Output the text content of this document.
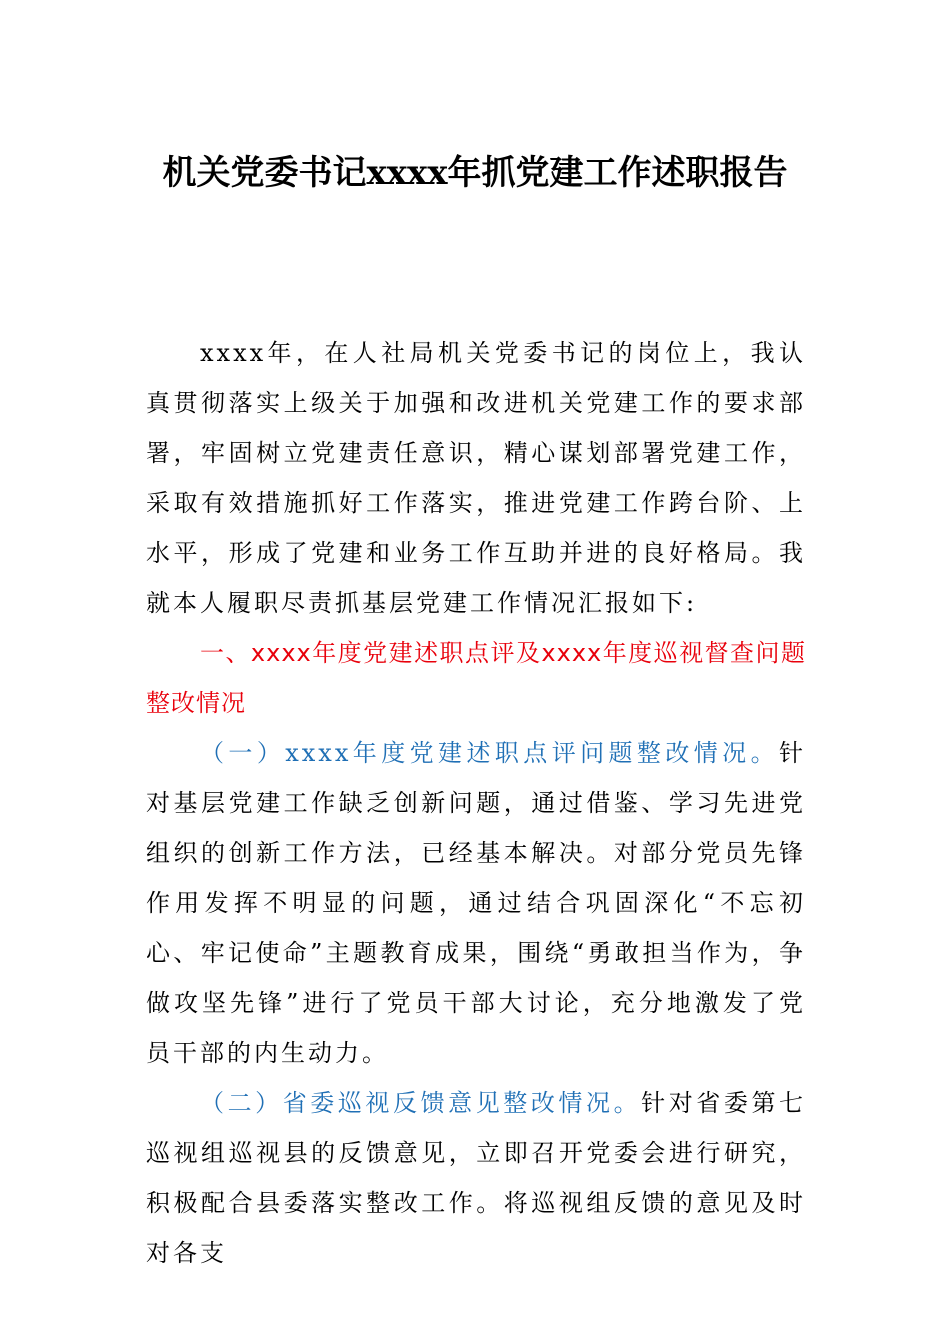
机关党委书记xxxx年抓党建工作述职报告

xxxx年，在人社局机关党委书记的岗位上，我认真贯彻落实上级关于加强和改进机关党建工作的要求部署，牢固树立党建责任意识，精心谋划部署党建工作，采取有效措施抓好工作落实，推进党建工作跨台阶、上水平，形成了党建和业务工作互助并进的良好格局。我就本人履职尽责抓基层党建工作情况汇报如下:

一、xxxx年度党建述职点评及xxxx年度巡视督查问题整改情况

（一）xxxx年度党建述职点评问题整改情况。针对基层党建工作缺乏创新问题，通过借鉴、学习先进党组织的创新工作方法，已经基本解决。对部分党员先锋作用发挥不明显的问题，通过结合巩固深化“不忘初心、牢记使命”主题教育成果，围绕“勇敢担当作为，争做攻坚先锋”进行了党员干部大讨论，充分地激发了党员干部的内生动力。

（二）省委巡视反馈意见整改情况。针对省委第七巡视组巡视县的反馈意见，立即召开党委会进行研究，积极配合县委落实整改工作。将巡视组反馈的意见及时对各支
